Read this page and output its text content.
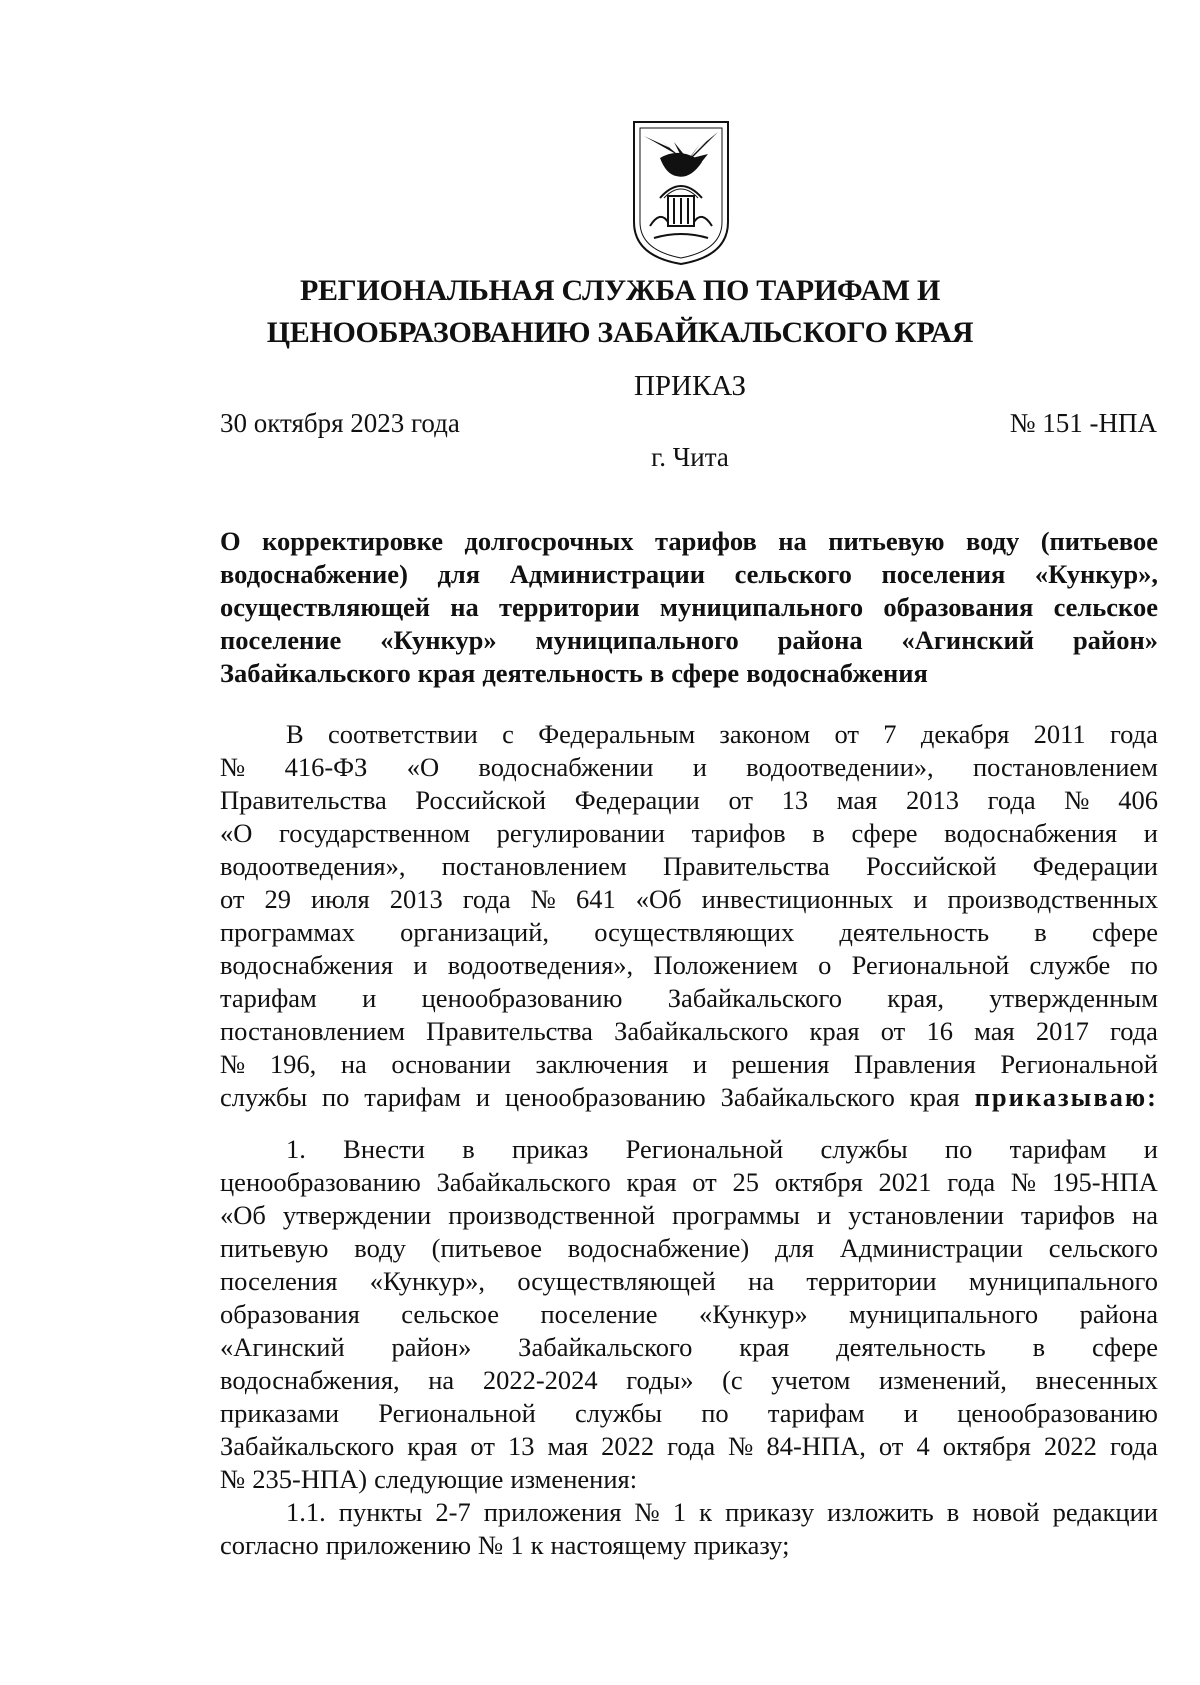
РЕГИОНАЛЬНАЯ СЛУЖБА ПО ТАРИФАМ И
ЦЕНООБРАЗОВАНИЮ ЗАБАЙКАЛЬСКОГО КРАЯ
ПРИКАЗ
30 октября 2023 года	№ 151 -НПА
г. Чита
О корректировке долгосрочных тарифов на питьевую воду (питьевое
водоснабжение) для Администрации сельского поселения «Кункур»,
осуществляющей на территории муниципального образования сельское
поселение «Кункур» муниципального района «Агинский район»
Забайкальского края деятельность в сфере водоснабжения
В соответствии с Федеральным законом от 7 декабря 2011 года
№ 416-ФЗ «О водоснабжении и водоотведении», постановлением
Правительства Российской Федерации от 13 мая 2013 года № 406
«О государственном регулировании тарифов в сфере водоснабжения и
водоотведения», постановлением Правительства Российской Федерации
от 29 июля 2013 года № 641 «Об инвестиционных и производственных
программах организаций, осуществляющих деятельность в сфере
водоснабжения и водоотведения», Положением о Региональной службе по
тарифам и ценообразованию Забайкальского края, утвержденным
постановлением Правительства Забайкальского края от 16 мая 2017 года
№ 196, на основании заключения и решения Правления Региональной
службы по тарифам и ценообразованию Забайкальского края приказываю:
1. Внести в приказ Региональной службы по тарифам и
ценообразованию Забайкальского края от 25 октября 2021 года № 195-НПА
«Об утверждении производственной программы и установлении тарифов на
питьевую воду (питьевое водоснабжение) для Администрации сельского
поселения «Кункур», осуществляющей на территории муниципального
образования сельское поселение «Кункур» муниципального района
«Агинский район» Забайкальского края деятельность в сфере
водоснабжения, на 2022-2024 годы» (с учетом изменений, внесенных
приказами Региональной службы по тарифам и ценообразованию
Забайкальского края от 13 мая 2022 года № 84-НПА, от 4 октября 2022 года
№ 235-НПА) следующие изменения:
1.1. пункты 2-7 приложения № 1 к приказу изложить в новой редакции
согласно приложению № 1 к настоящему приказу;
